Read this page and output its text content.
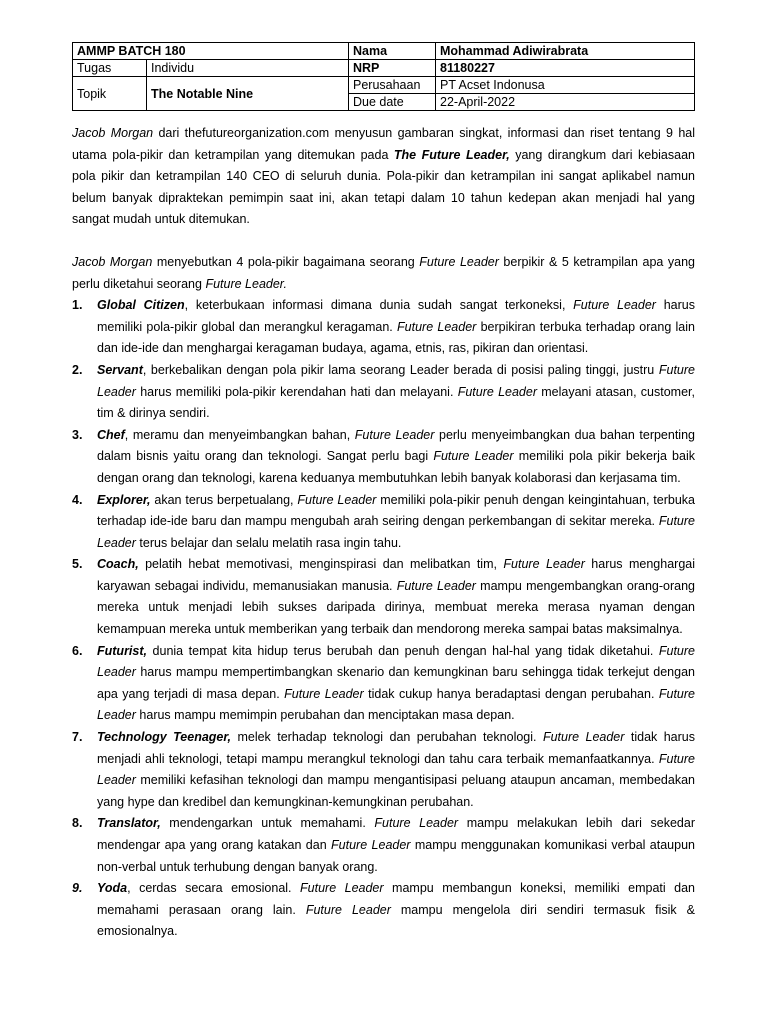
AMMP BATCH 180		Nama	Mohammad Adiwirabrata
Tugas	Individu	NRP	81180227
Topik	The Notable Nine	Perusahaan	PT Acset Indonusa
		Due date	22-April-2022

Jacob Morgan dari thefutureorganization.com menyusun gambaran singkat, informasi dan riset tentang 9 hal utama pola-pikir dan ketrampilan yang ditemukan pada The Future Leader, yang dirangkum dari kebiasaan pola pikir dan ketrampilan 140 CEO di seluruh dunia. Pola-pikir dan ketrampilan ini sangat aplikabel namun belum banyak dipraktekan pemimpin saat ini, akan tetapi dalam 10 tahun kedepan akan menjadi hal yang sangat mudah untuk ditemukan.

Jacob Morgan menyebutkan 4 pola-pikir bagaimana seorang Future Leader berpikir & 5 ketrampilan apa yang perlu diketahui seorang Future Leader.

1. Global Citizen, keterbukaan informasi dimana dunia sudah sangat terkoneksi, Future Leader harus memiliki pola-pikir global dan merangkul keragaman. Future Leader berpikiran terbuka terhadap orang lain dan ide-ide dan menghargai keragaman budaya, agama, etnis, ras, pikiran dan orientasi.
2. Servant, berkebalikan dengan pola pikir lama seorang Leader berada di posisi paling tinggi, justru Future Leader harus memiliki pola-pikir kerendahan hati dan melayani. Future Leader melayani atasan, customer, tim & dirinya sendiri.
3. Chef, meramu dan menyeimbangkan bahan, Future Leader perlu menyeimbangkan dua bahan terpenting dalam bisnis yaitu orang dan teknologi. Sangat perlu bagi Future Leader memiliki pola pikir bekerja baik dengan orang dan teknologi, karena keduanya membutuhkan lebih banyak kolaborasi dan kerjasama tim.
4. Explorer, akan terus berpetualang, Future Leader memiliki pola-pikir penuh dengan keingintahuan, terbuka terhadap ide-ide baru dan mampu mengubah arah seiring dengan perkembangan di sekitar mereka. Future Leader terus belajar dan selalu melatih rasa ingin tahu.
5. Coach, pelatih hebat memotivasi, menginspirasi dan melibatkan tim, Future Leader harus menghargai karyawan sebagai individu, memanusiakan manusia. Future Leader mampu mengembangkan orang-orang mereka untuk menjadi lebih sukses daripada dirinya, membuat mereka merasa nyaman dengan kemampuan mereka untuk memberikan yang terbaik dan mendorong mereka sampai batas maksimalnya.
6. Futurist, dunia tempat kita hidup terus berubah dan penuh dengan hal-hal yang tidak diketahui. Future Leader harus mampu mempertimbangkan skenario dan kemungkinan baru sehingga tidak terkejut dengan apa yang terjadi di masa depan. Future Leader tidak cukup hanya beradaptasi dengan perubahan. Future Leader harus mampu memimpin perubahan dan menciptakan masa depan.
7. Technology Teenager, melek terhadap teknologi dan perubahan teknologi. Future Leader tidak harus menjadi ahli teknologi, tetapi mampu merangkul teknologi dan tahu cara terbaik memanfaatkannya. Future Leader memiliki kefasihan teknologi dan mampu mengantisipasi peluang ataupun ancaman, membedakan yang hype dan kredibel dan kemungkinan-kemungkinan perubahan.
8. Translator, mendengarkan untuk memahami. Future Leader mampu melakukan lebih dari sekedar mendengar apa yang orang katakan dan Future Leader mampu menggunakan komunikasi verbal ataupun non-verbal untuk terhubung dengan banyak orang.
9. Yoda, cerdas secara emosional. Future Leader mampu membangun koneksi, memiliki empati dan memahami perasaan orang lain. Future Leader mampu mengelola diri sendiri termasuk fisik & emosionalnya.
